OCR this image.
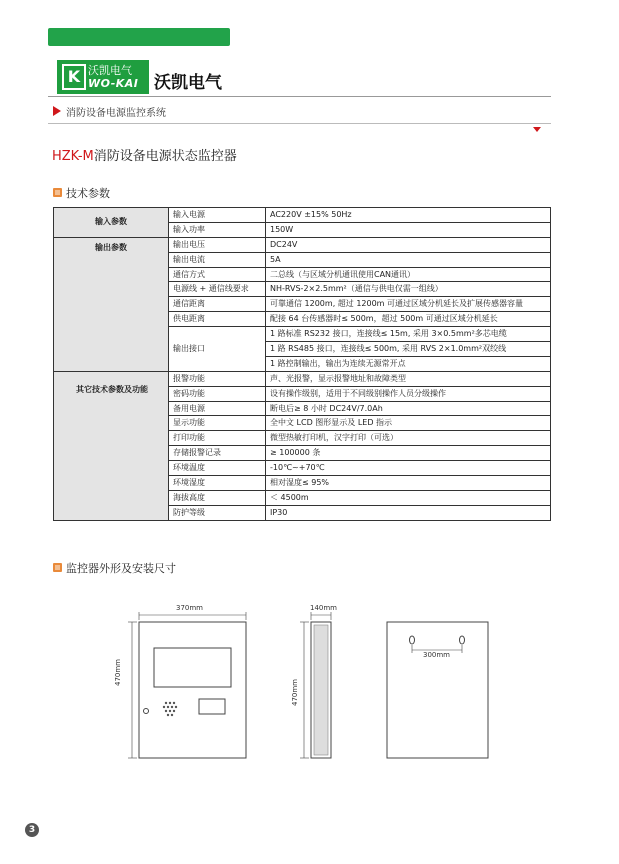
K 沃凯电气
WO-KAI 沃凯电气
消防设备电源监控系统
HZK-M消防设备电源状态监控器
技术参数
输入参数	输入电源	AC220V ±15% 50Hz
	输入功率	150W
输出参数	输出电压	DC24V
	输出电流	5A
	通信方式	二总线（与区域分机通讯使用CAN通讯）
	电源线 + 通信线要求	NH-RVS-2×2.5mm²（通信与供电仅需一组线）
	通信距离	可靠通信 1200m, 超过 1200m 可通过区域分机延长及扩展传感器容量
	供电距离	配接 64 台传感器时≤ 500m，超过 500m 可通过区域分机延长
	输出接口	1 路标准 RS232 接口，连接线≤ 15m, 采用 3×0.5mm²多芯电缆
		1 路 RS485 接口，连接线≤ 500m, 采用 RVS 2×1.0mm²双绞线
		1 路控制输出，输出为连续无源常开点
其它技术参数及功能	报警功能	声、光报警，显示报警地址和故障类型
	密码功能	设有操作级别，适用于不同级别操作人员分级操作
	备用电源	断电后≥ 8 小时 DC24V/7.0Ah
	显示功能	全中文 LCD 图形显示及 LED 指示
	打印功能	微型热敏打印机，汉字打印（可选）
	存储报警记录	≥ 100000 条
	环境温度	-10℃~+70℃
	环境湿度	相对湿度≤ 95%
	海拔高度	＜ 4500m
	防护等级	IP30
监控器外形及安装尺寸
370mm
470mm
140mm
470mm
300mm
3
